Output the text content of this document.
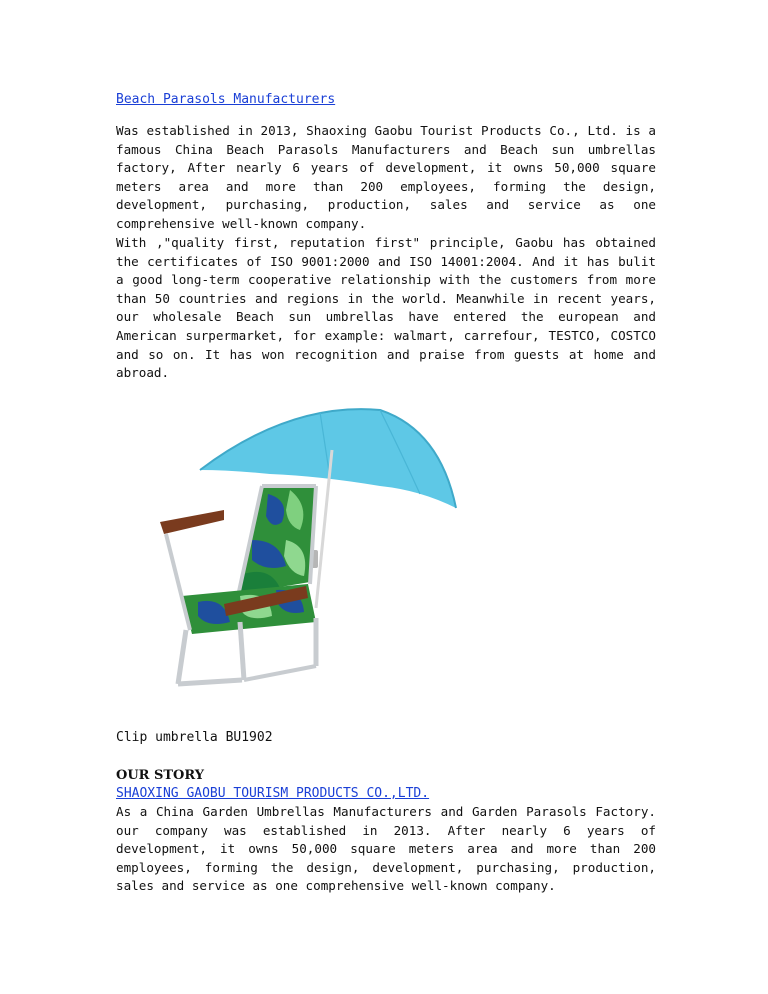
Beach Parasols Manufacturers

Was established in 2013, Shaoxing Gaobu Tourist Products Co., Ltd. is a famous China Beach Parasols Manufacturers and Beach sun umbrellas factory, After nearly 6 years of development, it owns 50,000 square meters area and more than 200 employees, forming the design, development, purchasing, production, sales and service as one comprehensive well-known company.

With ,"quality first, reputation first" principle, Gaobu has obtained the certificates of ISO 9001:2000 and ISO 14001:2004. And it has bulit a good long-term cooperative relationship with the customers from more than 50 countries and regions in the world. Meanwhile in recent years, our wholesale Beach sun umbrellas have entered the european and American surpermarket, for example: walmart, carrefour, TESTCO, COSTCO and so on. It has won recognition and praise from guests at home and abroad.

Clip umbrella BU1902
OUR STORY
SHAOXING GAOBU TOURISM PRODUCTS CO.,LTD.

As a China Garden Umbrellas Manufacturers and Garden Parasols Factory. our company was established in 2013. After nearly 6 years of development, it owns 50,000 square meters area and more than 200 employees, forming the design, development, purchasing, production, sales and service as one comprehensive well-known company.
